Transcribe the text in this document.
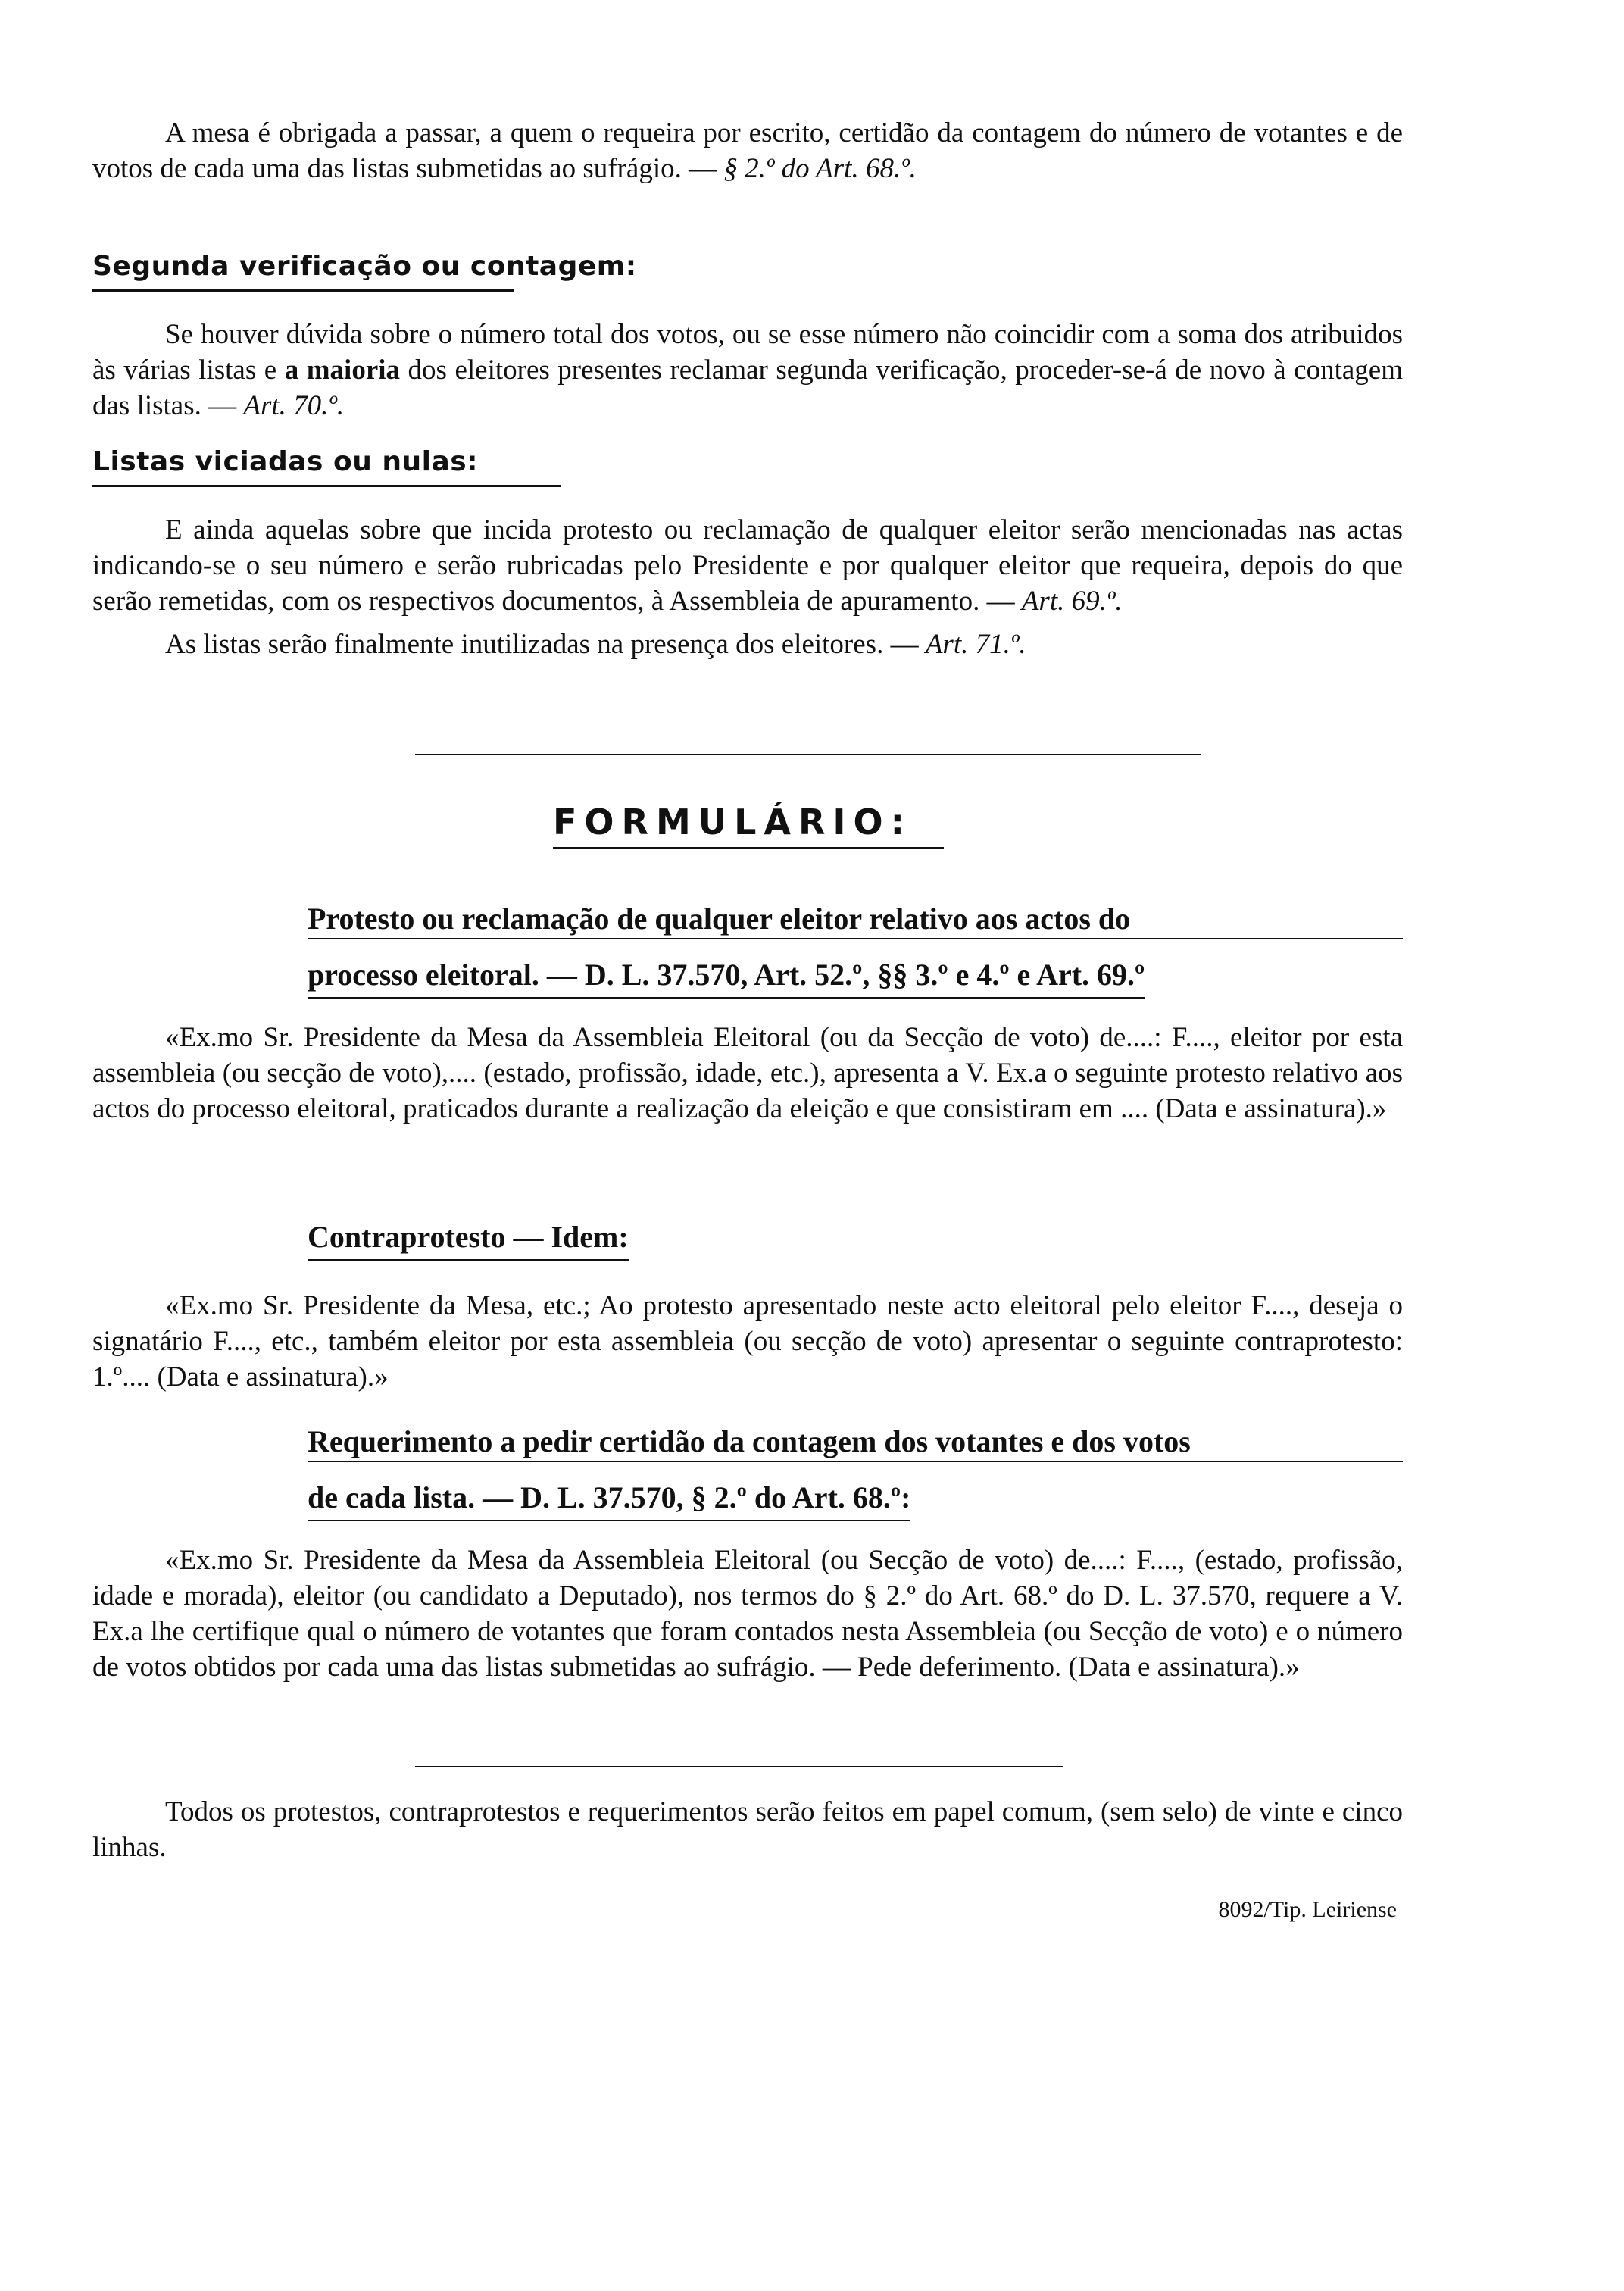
A mesa é obrigada a passar, a quem o requeira por escrito, certidão da contagem do número de votantes e de votos de cada uma das listas submetidas ao sufrágio. — § 2.º do Art. 68.º.

Segunda verificação ou contagem:

Se houver dúvida sobre o número total dos votos, ou se esse número não coincidir com a soma dos atribuidos às várias listas e a maioria dos eleitores presentes reclamar segunda verificação, proceder-se-á de novo à contagem das listas. — Art. 70.º.

Listas viciadas ou nulas:

E ainda aquelas sobre que incida protesto ou reclamação de qualquer eleitor serão mencionadas nas actas indicando-se o seu número e serão rubricadas pelo Presidente e por qualquer eleitor que requeira, depois do que serão remetidas, com os respectivos documentos, à Assembleia de apuramento. — Art. 69.º.

As listas serão finalmente inutilizadas na presença dos eleitores. — Art. 71.º.

FORMULÁRIO:
Protesto ou reclamação de qualquer eleitor relativo aos actos do
processo eleitoral. — D. L. 37.570, Art. 52.º, §§ 3.º e 4.º e Art. 69.º

«Ex.mo Sr. Presidente da Mesa da Assembleia Eleitoral (ou da Secção de voto) de....: F...., eleitor por esta assembleia (ou secção de voto),.... (estado, profissão, idade, etc.), apresenta a V. Ex.a o seguinte protesto relativo aos actos do processo eleitoral, praticados durante a realização da eleição e que consistiram em .... (Data e assinatura).»

Contraprotesto — Idem:

«Ex.mo Sr. Presidente da Mesa, etc.; Ao protesto apresentado neste acto eleitoral pelo eleitor F...., deseja o signatário F...., etc., também eleitor por esta assembleia (ou secção de voto) apresentar o seguinte contraprotesto: 1.º.... (Data e assinatura).»

Requerimento a pedir certidão da contagem dos votantes e dos votos
de cada lista. — D. L. 37.570, § 2.º do Art. 68.º:

«Ex.mo Sr. Presidente da Mesa da Assembleia Eleitoral (ou Secção de voto) de....: F...., (estado, profissão, idade e morada), eleitor (ou candidato a Deputado), nos termos do § 2.º do Art. 68.º do D. L. 37.570, requere a V. Ex.a lhe certifique qual o número de votantes que foram contados nesta Assembleia (ou Secção de voto) e o número de votos obtidos por cada uma das listas submetidas ao sufrágio. — Pede deferimento. (Data e assinatura).»

Todos os protestos, contraprotestos e requerimentos serão feitos em papel comum, (sem selo) de vinte e cinco linhas.

8092/Tip. Leiriense
